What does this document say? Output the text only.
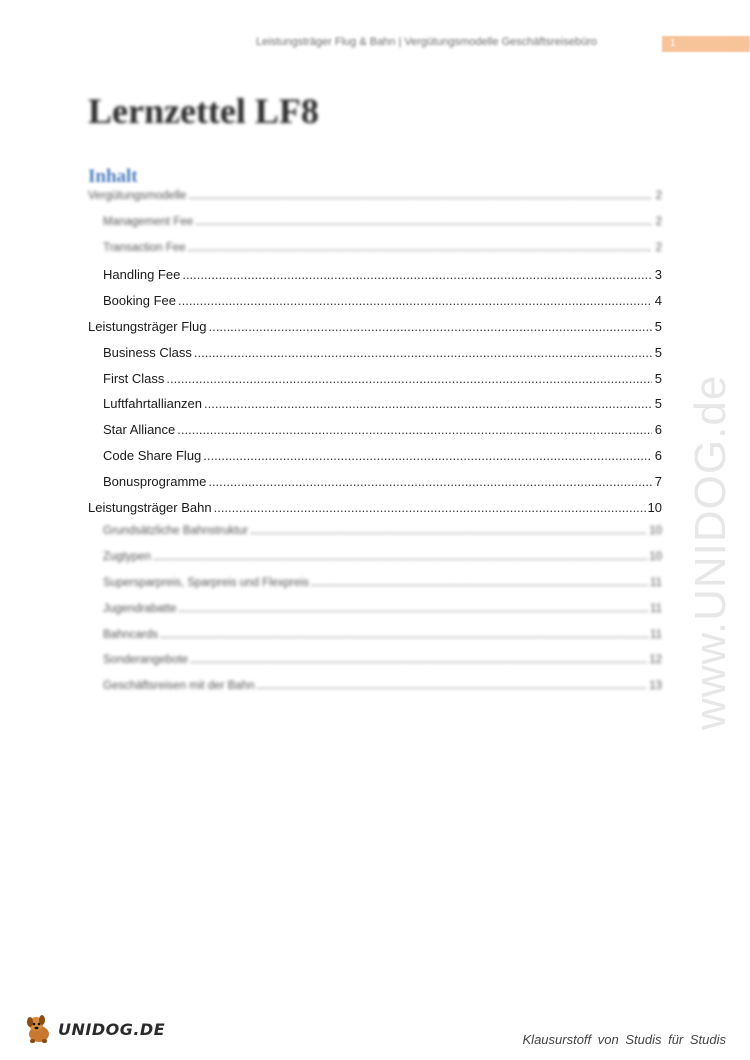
Leistungsträger Flug & Bahn | Vergütungsmodelle Geschäftsreisebüro	1
Lernzettel LF8
Inhalt
Vergütungsmodelle .....	2
Management Fee .....	2
Transaction Fee .....	2
Handling Fee .....	3
Booking Fee .....	4
Leistungsträger Flug .....	5
Business Class .....	5
First Class .....	5
Luftfahrtallianzen .....	5
Star Alliance .....	6
Code Share Flug .....	6
Bonusprogramme .....	7
Leistungsträger Bahn .....	10
Grundsätzliche Bahnstruktur .....	10
Zugtypen .....	10
Supersparpreis, Sparpreis und Flexpreis .....	11
Jugendrabatte .....	11
Bahncards .....	11
Sonderangebote .....	12
Geschäftsreisen mit der Bahn .....	13 www.UNIDOG.de
UNIDOG.DE
Klausurstoff von Studis für Studis
